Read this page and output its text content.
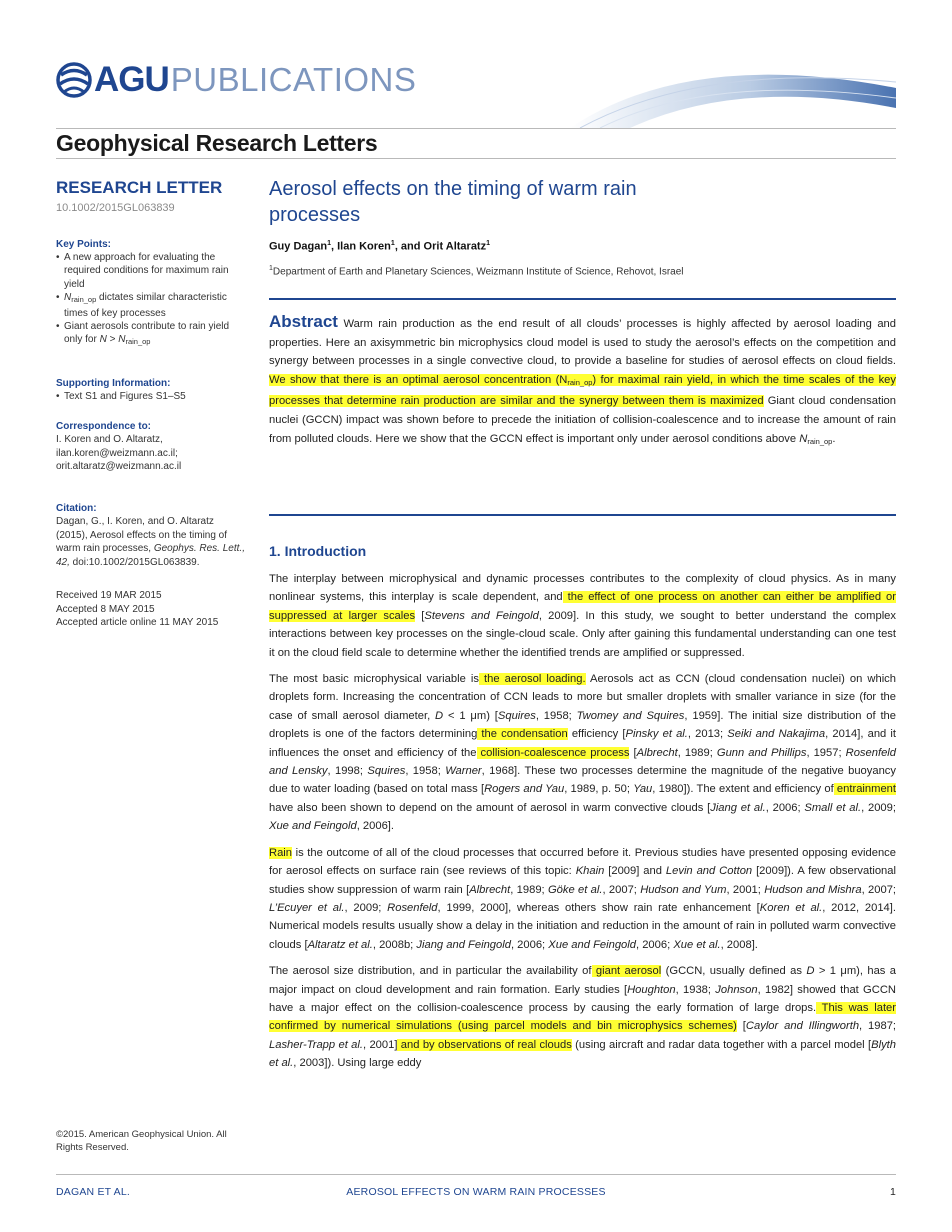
AGU PUBLICATIONS
Geophysical Research Letters
RESEARCH LETTER
10.1002/2015GL063839
Key Points:
• A new approach for evaluating the required conditions for maximum rain yield
• $N_{rain\_op}$ dictates similar characteristic times of key processes
• Giant aerosols contribute to rain yield only for $N > N_{rain\_op}$
Supporting Information:
• Text S1 and Figures S1–S5
Correspondence to:

I. Koren and O. Altaratz,

ilan.koren@weizmann.ac.il;

orit.altaratz@weizmann.ac.il

Citation:

Dagan, G., I. Koren, and O. Altaratz (2015), Aerosol effects on the timing of warm rain processes, Geophys. Res. Lett., 42, doi:10.1002/2015GL063839.

Received 19 MAR 2015

Accepted 8 MAY 2015

Accepted article online 11 MAY 2015

©2015. American Geophysical Union. All Rights Reserved.
Aerosol effects on the timing of warm rain processes
Guy Dagan$^1$, Ilan Koren$^1$, and Orit Altaratz$^1$
$^1$Department of Earth and Planetary Sciences, Weizmann Institute of Science, Rehovot, Israel
Abstract Warm rain production as the end result of all clouds’ processes is highly affected by aerosol loading and properties. Here an axisymmetric bin microphysics cloud model is used to study the aerosol’s effects on the competition and synergy between processes in a single convective cloud, to provide a baseline for studies of aerosol effects on cloud fields. We show that there is an optimal aerosol concentration $(N_{rain\_op})$ for maximal rain yield, in which the time scales of the key processes that determine rain production are similar and the synergy between them is maximized Giant cloud condensation nuclei (GCCN) impact was shown before to precede the initiation of collision-coalescence and to increase the amount of rain from polluted clouds. Here we show that the GCCN effect is important only under aerosol conditions above $N_{rain\_op}$.
1. Introduction

The interplay between microphysical and dynamic processes contributes to the complexity of cloud physics. As in many nonlinear systems, this interplay is scale dependent, and the effect of one process on another can either be amplified or suppressed at larger scales [Stevens and Feingold, 2009]. In this study, we sought to better understand the complex interactions between key processes on the single-cloud scale. Only after gaining this fundamental understanding can one test it on the cloud field scale to determine whether the identified trends are amplified or suppressed.

The most basic microphysical variable is the aerosol loading. Aerosols act as CCN (cloud condensation nuclei) on which droplets form. Increasing the concentration of CCN leads to more but smaller droplets with smaller variance in size (for the case of small aerosol diameter, D < 1 μm) [Squires, 1958; Twomey and Squires, 1959]. The initial size distribution of the droplets is one of the factors determining the condensation efficiency [Pinsky et al., 2013; Seiki and Nakajima, 2014], and it influences the onset and efficiency of the collision-coalescence process [Albrecht, 1989; Gunn and Phillips, 1957; Rosenfeld and Lensky, 1998; Squires, 1958; Warner, 1968]. These two processes determine the magnitude of the negative buoyancy due to water loading (based on total mass [Rogers and Yau, 1989, p. 50; Yau, 1980]). The extent and efficiency of entrainment have also been shown to depend on the amount of aerosol in warm convective clouds [Jiang et al., 2006; Small et al., 2009; Xue and Feingold, 2006].

Rain is the outcome of all of the cloud processes that occurred before it. Previous studies have presented opposing evidence for aerosol effects on surface rain (see reviews of this topic: Khain [2009] and Levin and Cotton [2009]). A few observational studies show suppression of warm rain [Albrecht, 1989; Göke et al., 2007; Hudson and Yum, 2001; Hudson and Mishra, 2007; L’Ecuyer et al., 2009; Rosenfeld, 1999, 2000], whereas others show rain rate enhancement [Koren et al., 2012, 2014]. Numerical models results usually show a delay in the initiation and reduction in the amount of rain in polluted warm convective clouds [Altaratz et al., 2008b; Jiang and Feingold, 2006; Xue and Feingold, 2006; Xue et al., 2008].

The aerosol size distribution, and in particular the availability of giant aerosol (GCCN, usually defined as D > 1 μm), has a major impact on cloud development and rain formation. Early studies [Houghton, 1938; Johnson, 1982] showed that GCCN have a major effect on the collision-coalescence process by causing the early formation of large drops. This was later confirmed by numerical simulations (using parcel models and bin microphysics schemes) [Caylor and Illingworth, 1987; Lasher-Trapp et al., 2001] and by observations of real clouds (using aircraft and radar data together with a parcel model [Blyth et al., 2003]). Using large eddy

DAGAN ET AL.	AEROSOL EFFECTS ON WARM RAIN PROCESSES	1
